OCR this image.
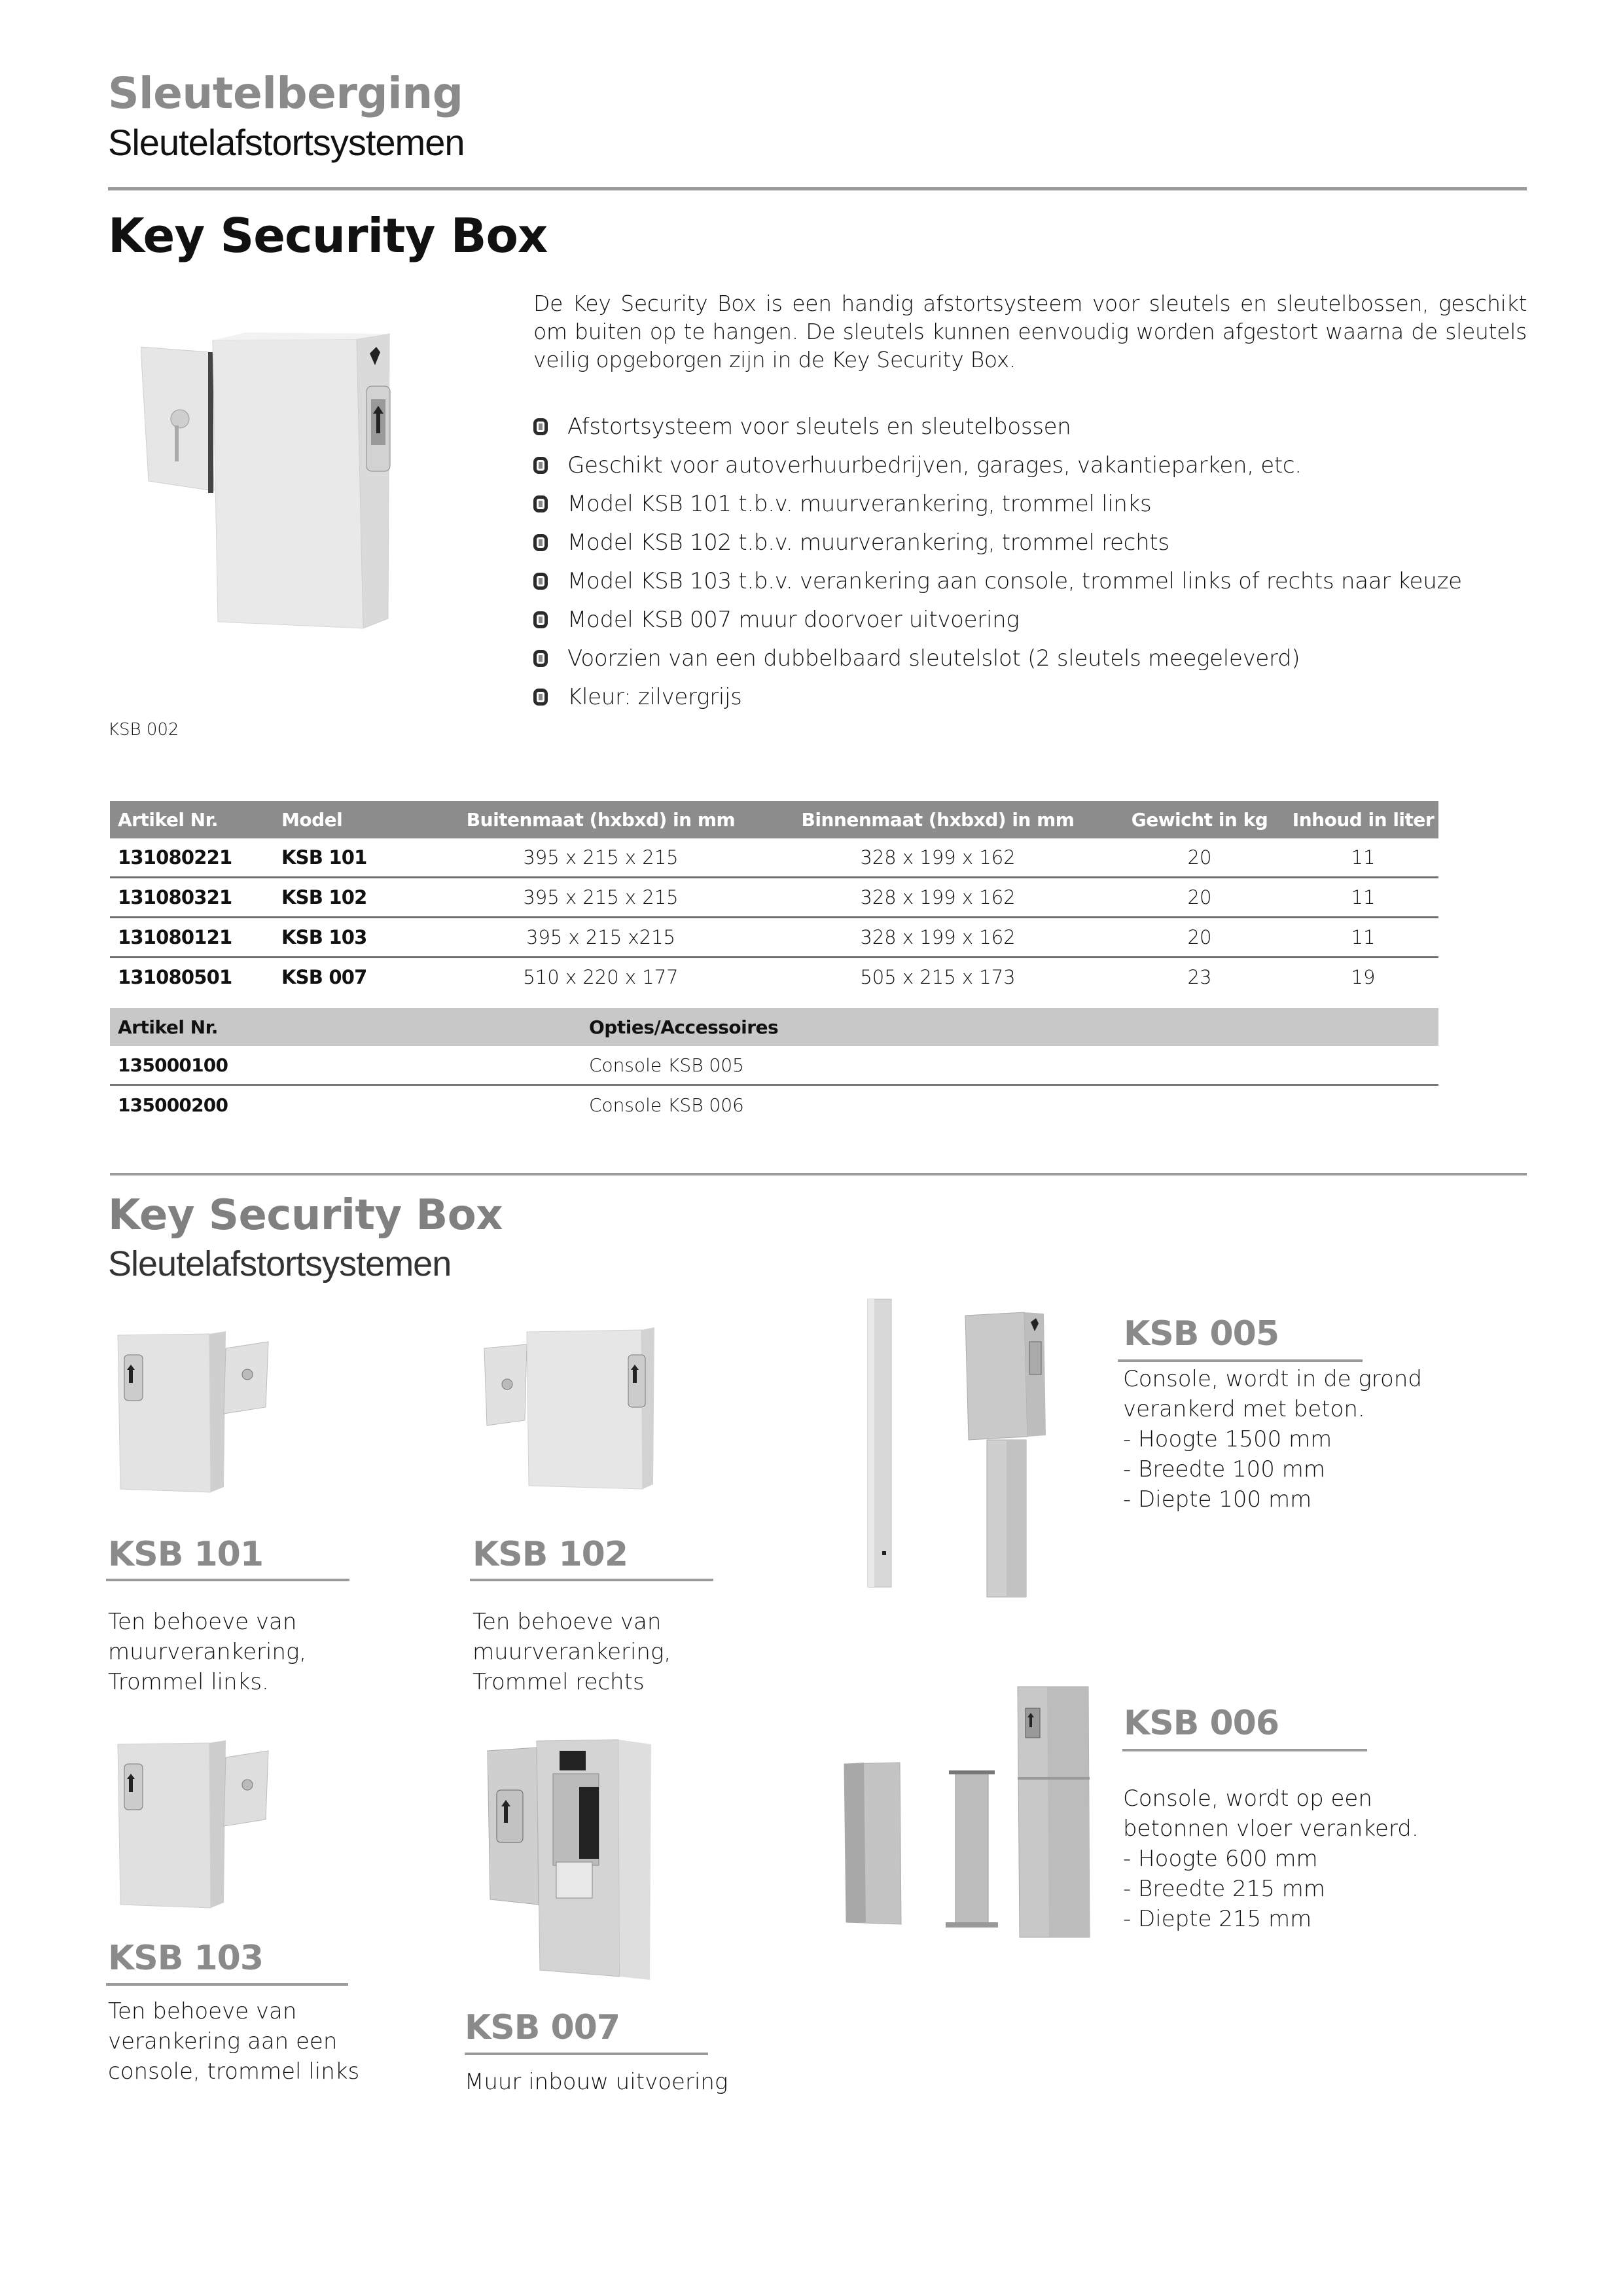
Sleutelberging
Sleutelafstortsystemen
Key Security Box
KSB 002
De Key Security Box is een handig afstortsysteem voor sleutels en sleutelbossen, geschikt om buiten op te hangen. De sleutels kunnen eenvoudig worden afgestort waarna de sleutels veilig opgeborgen zijn in de Key Security Box.
Afstortsysteem voor sleutels en sleutelbossen
Geschikt voor autoverhuurbedrijven, garages, vakantieparken, etc.
Model KSB 101 t.b.v. muurverankering, trommel links
Model KSB 102 t.b.v. muurverankering, trommel rechts
Model KSB 103 t.b.v. verankering aan console, trommel links of rechts naar keuze
Model KSB 007 muur doorvoer uitvoering
Voorzien van een dubbelbaard sleutelslot (2 sleutels meegeleverd)
Kleur: zilvergrijs
Artikel Nr.	Model	Buitenmaat (hxbxd) in mm	Binnenmaat (hxbxd) in mm	Gewicht in kg	Inhoud in liter
131080221	KSB 101	395 x 215 x 215	328 x 199 x 162	20	11
131080321	KSB 102	395 x 215 x 215	328 x 199 x 162	20	11
131080121	KSB 103	395 x 215 x215	328 x 199 x 162	20	11
131080501	KSB 007	510 x 220 x 177	505 x 215 x 173	23	19
Artikel Nr.	Opties/Accessoires
135000100	Console KSB 005
135000200	Console KSB 006
Key Security Box
Sleutelafstortsystemen
KSB 101
Ten behoeve van
muurverankering,
Trommel links.
KSB 102
Ten behoeve van
muurverankering,
Trommel rechts
KSB 103
Ten behoeve van
verankering aan een
console, trommel links
KSB 007
Muur inbouw uitvoering
KSB 005
Console, wordt in de grond
verankerd met beton.
- Hoogte 1500 mm
- Breedte 100 mm
- Diepte 100 mm
KSB 006
Console, wordt op een
betonnen vloer verankerd.
- Hoogte 600 mm
- Breedte 215 mm
- Diepte 215 mm
